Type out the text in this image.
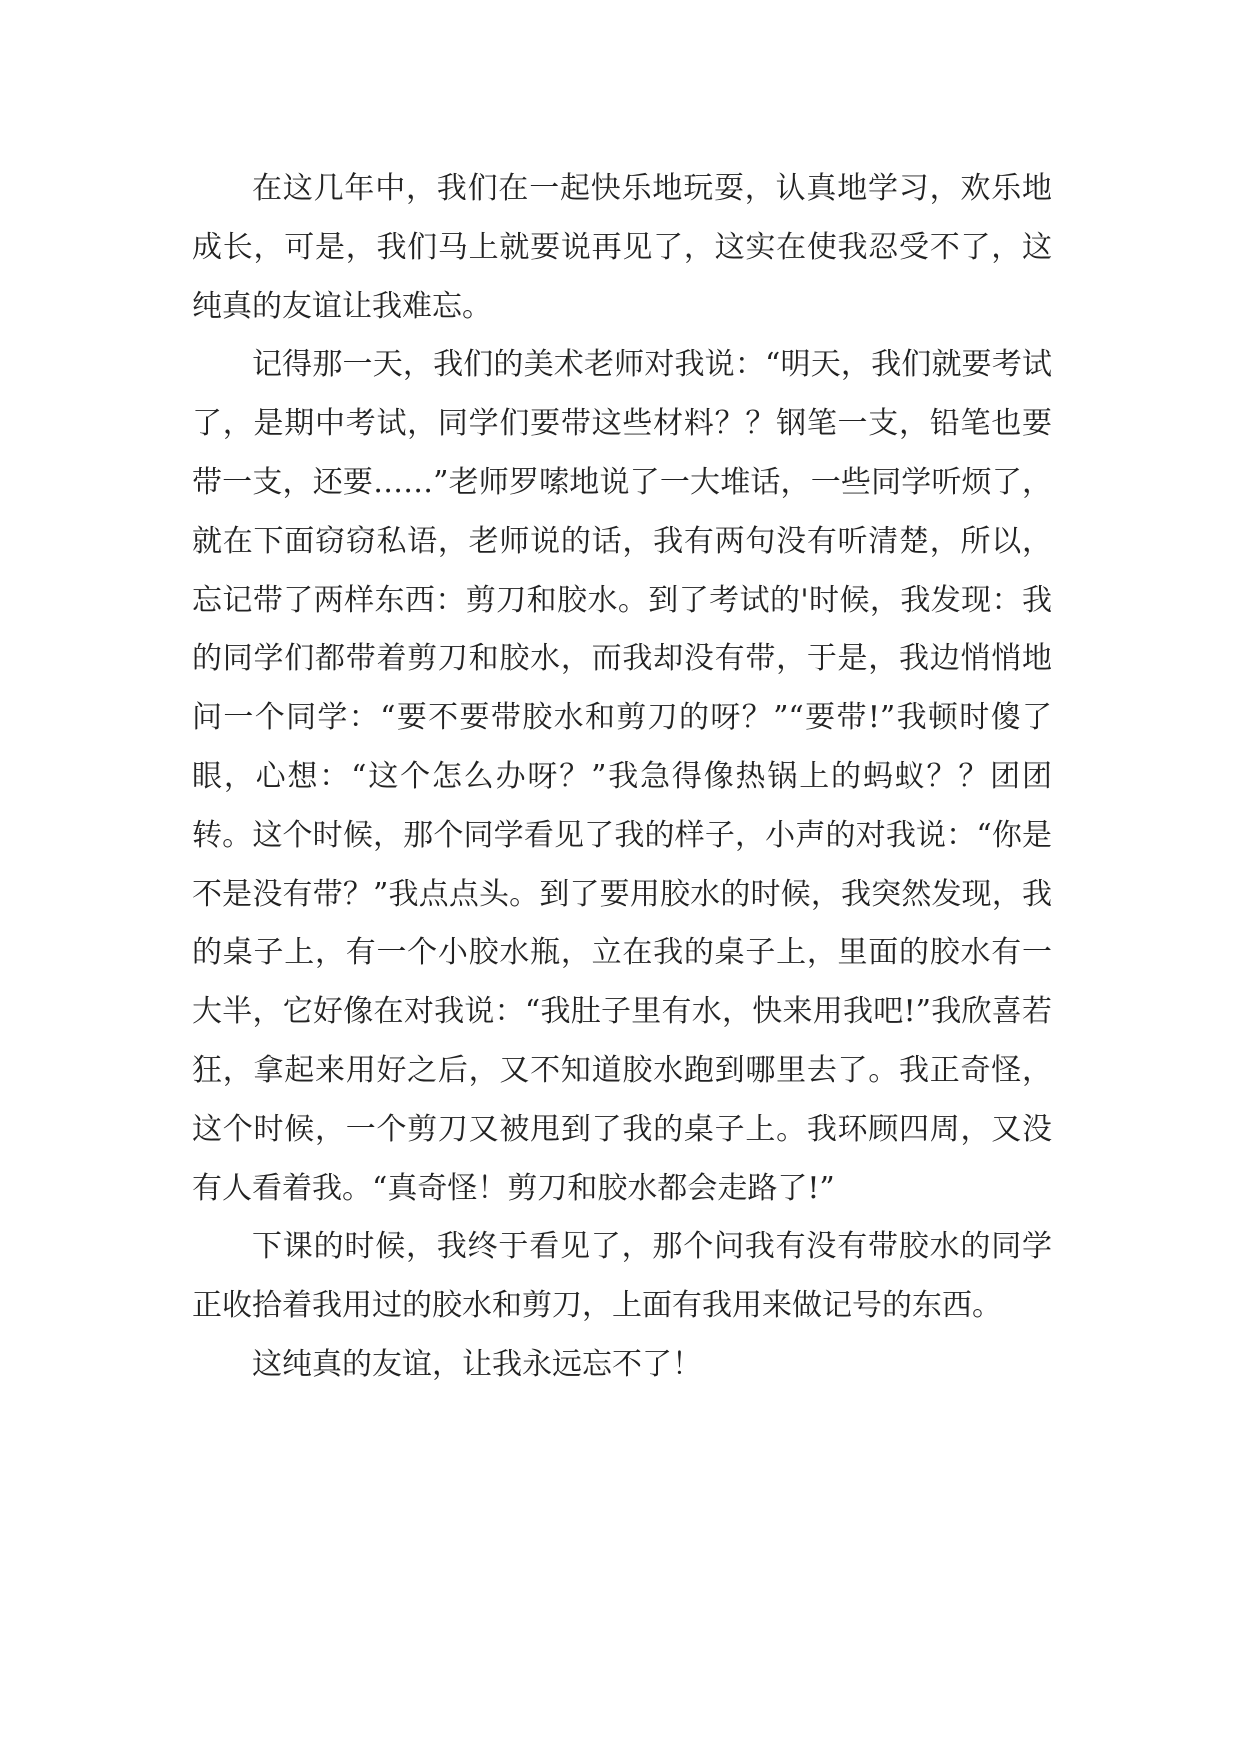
在这几年中，我们在一起快乐地玩耍，认真地学习，欢乐地成长，可是，我们马上就要说再见了，这实在使我忍受不了，这纯真的友谊让我难忘。

记得那一天，我们的美术老师对我说：“明天，我们就要考试了，是期中考试，同学们要带这些材料？？钢笔一支，铅笔也要带一支，还要……”老师罗嗦地说了一大堆话，一些同学听烦了，就在下面窃窃私语，老师说的话，我有两句没有听清楚，所以，忘记带了两样东西：剪刀和胶水。到了考试的'时候，我发现：我的同学们都带着剪刀和胶水，而我却没有带，于是，我边悄悄地问一个同学：“要不要带胶水和剪刀的呀？”“要带!”我顿时傻了眼，心想：“这个怎么办呀？”我急得像热锅上的蚂蚁？？团团转。这个时候，那个同学看见了我的样子，小声的对我说：“你是不是没有带？”我点点头。到了要用胶水的时候，我突然发现，我的桌子上，有一个小胶水瓶，立在我的桌子上，里面的胶水有一大半，它好像在对我说：“我肚子里有水，快来用我吧!”我欣喜若狂，拿起来用好之后，又不知道胶水跑到哪里去了。我正奇怪，这个时候，一个剪刀又被甩到了我的桌子上。我环顾四周，又没有人看着我。“真奇怪！剪刀和胶水都会走路了!”

下课的时候，我终于看见了，那个问我有没有带胶水的同学正收拾着我用过的胶水和剪刀，上面有我用来做记号的东西。

这纯真的友谊，让我永远忘不了！
